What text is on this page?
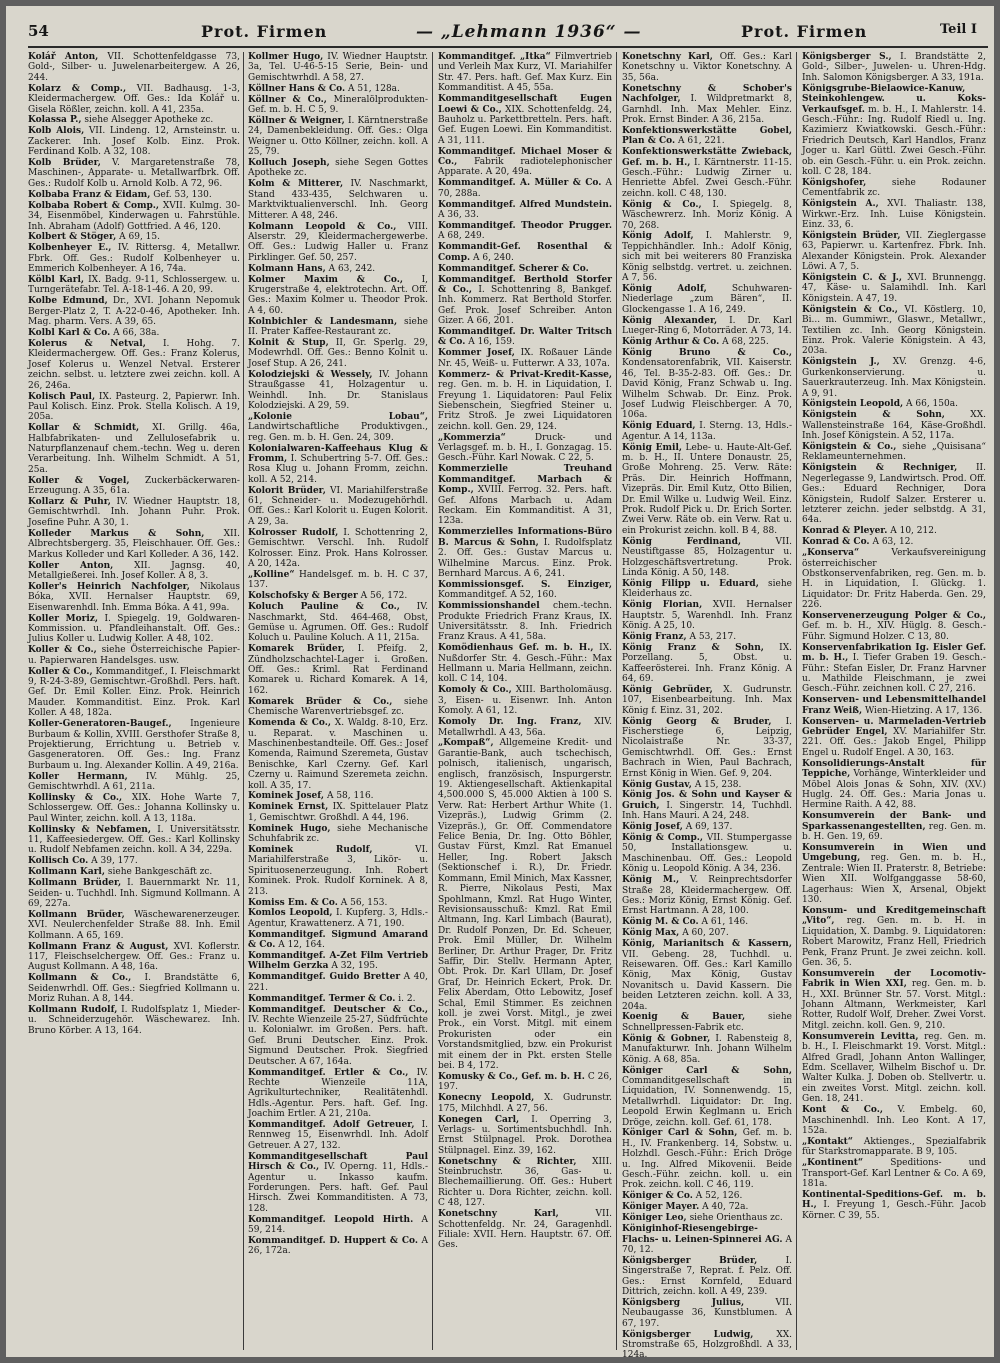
54	Prot. Firmen	— „Lehmann 1936“ —	Prot. Firmen	Teil I
Kolář Anton, VII. Schottenfeldgasse 73, Gold-, Silber- u. Juwelenarbeitergew. A 26, 244.
Kolarz & Comp., VII. Badhausg. 1-3, Kleidermachergew. Off. Ges.: Ida Kolář u. Gisela Rößler, zeichn. koll. A 41, 235a.
Kolassa P., siehe Alsegger Apotheke zc.
Kolb Alois, VII. Lindeng. 12, Arnsteinstr. u. Zackerer. Inh. Josef Kolb. Einz. Prok. Ferdinand Kolb. A 32, 108.
Kolb Brüder, V. Margaretenstraße 78, Maschinen-, Apparate- u. Metallwarfbrk. Off. Ges.: Rudolf Kolb u. Arnold Kolb. A 72, 96.
Kolbaba Franz & Eidam, Gef. 53, 130.
Kolbaba Robert & Comp., XVII. Kulmg. 30-34, Eisenmöbel, Kinderwagen u. Fahrstühle. Inh. Abraham (Adolf) Gottfried. A 46, 120.
Kolbert & Stöger, A 69, 15.
Kolbenheyer E., IV. Rittersg. 4, Metallwr. Fbrk. Off. Ges.: Rudolf Kolbenheyer u. Emmerich Kolbenheyer. A 16, 74a.
Kölbl Karl, IX. Badg. 9-11, Schlossergew. u. Turngerätefabr. Tel. A-18-1-46. A 20, 99.
Kolbe Edmund, Dr., XVI. Johann Nepomuk Berger-Platz 2, T. A-22-0-46, Apotheker. Inh. Mag. pharm. Vers. A 39, 65.
Kolbl Karl & Co. A 66, 38a.
Kolerus & Netval, I. Hohg. 7. Kleidermachergew. Off. Ges.: Franz Kolerus, Josef Kolerus u. Wenzel Netval. Ersterer zeichn. selbst. u. letztere zwei zeichn. koll. A 26, 246a.
Kolisch Paul, IX. Pasteurg. 2, Papierwr. Inh. Paul Kolisch. Einz. Prok. Stella Kolisch. A 19, 205a.
Kollar & Schmidt, XI. Grillg. 46a, Halbfabrikaten- und Zellulosefabrik u. Naturpflanzenauf chem.-techn. Weg u. deren Verarbeitung. Inh. Wilhelm Schmidt. A 51, 25a.
Koller & Vogel, Zuckerbäckerwaren-Erzeugung. A 35, 61a.
Kollarz & Puhr, IV. Wiedner Hauptstr. 18, Gemischtwrhdl. Inh. Johann Puhr. Prok. Josefine Puhr. A 30, 1.
Kolleder Markus & Sohn, XII. Albrechtsbergerg. 35, Fleischhauer. Off. Ges.: Markus Kolleder und Karl Kolleder. A 36, 142.
Koller Anton, XII. Jagnsg. 40, Metallgießerei. Inh. Josef Koller. A 8, 3.
Koller's Heinrich Nachfolger, Nikolaus Bóka, XVII. Hernalser Hauptstr. 69, Eisenwarenhdl. Inh. Emma Bóka. A 41, 99a.
Koller Moriz, I. Spiegelg. 19, Goldwaren-Kommission. u. Pfandleihanstalt. Off. Ges.: Julius Koller u. Ludwig Koller. A 48, 102.
Koller & Co., siehe Österreichische Papier- u. Papierwaren Handelsges. usw.
Koller & Co., Kommanditgef., I. Fleischmarkt 9, R-24-3-89, Gemischtwr.-Großhdl. Pers. haft. Gef. Dr. Emil Koller. Einz. Prok. Heinrich Mauder. Kommanditist. Einz. Prok. Karl Koller. A 48, 182a.
Koller-Generatoren-Baugef., Ingenieure Burbaum & Kollin, XVIII. Gersthofer Straße 8, Projektierung, Errichtung u. Betrieb v. Gasgeneratoren. Off. Ges.: Ing. Franz Burbaum u. Ing. Alexander Kollin. A 49, 216a.
Koller Hermann, IV. Mühlg. 25, Gemischtwrhdl. A 61, 211a.
Kollinsky & Co., XIX. Hohe Warte 7, Schlossergew. Off. Ges.: Johanna Kollinsky u. Paul Winter, zeichn. koll. A 13, 118a.
Kollinsky & Nebfamen, I. Universitätsstr. 11, Kaffeesiedergew. Off. Ges.: Karl Kollinsky u. Rudolf Nebfamen zeichn. koll. A 34, 229a.
Kollisch Co. A 39, 177.
Kollmann Karl, siehe Bankgeschäft zc.
Kollmann Brüder, I. Bauernmarkt Nr. 11, Seiden- u. Tuchhdl. Inh. Sigmund Kollmann. A 69, 227a.
Kollmann Brüder, Wäschewarenerzeuger. XVI. Neulerchenfelder Straße 88. Inh. Emil Kollmann. A 65, 169.
Kollmann Franz & August, XVI. Koflerstr. 117, Fleischselchergew. Off. Ges.: Franz u. August Kollmann. A 48, 16a.
Kollmann & Co., I. Brandstätte 6, Seidenwrhdl. Off. Ges.: Siegfried Kollmann u. Moriz Ruhan. A 8, 144.
Kollmann Rudolf, I. Rudolfsplatz 1, Mieder- u. Schneiderzugehör. Wäschewarez. Inh. Bruno Körber. A 13, 164.
Kollmer Hugo, IV. Wiedner Hauptstr. 3a, Tel. U-46-5-15 Serie, Bein- und Gemischtwrhdl. A 58, 27.
Köllner Hans & Co. A 51, 128a.
Köllner & Co., Mineralölprodukten-Gef. m. b. H. C 5, 9.
Köllner & Weigner, I. Kärntnerstraße 24, Damenbekleidung. Off. Ges.: Olga Weigner u. Otto Köllner, zeichn. koll. A 25, 79.
Kolluch Joseph, siehe Segen Gottes Apotheke zc.
Kolm & Mitterer, IV. Naschmarkt, Stand 433-435, Selchwaren u. Marktviktualienverschl. Inh. Georg Mitterer. A 48, 246.
Kolmann Leopold & Co., VIII. Alserstr. 29, Kleidermachergewerbe. Off. Ges.: Ludwig Haller u. Franz Pirklinger. Gef. 50, 257.
Kolmann Hans, A 63, 242.
Kolmer Maxim & Co., I, Krugerstraße 4, elektrotechn. Art. Off. Ges.: Maxim Kolmer u. Theodor Prok. A 4, 60.
Kolnbichler & Landesmann, siehe II. Prater Kaffee-Restaurant zc.
Kolnit & Stup, II, Gr. Sperlg. 29, Modewrhdl. Off. Ges.: Benno Kolnit u. Josef Stup. A 26, 241.
Kolodziejski & Wessely, IV. Johann Straußgasse 41, Holzagentur u. Weinhdl. Inh. Dr. Stanislaus Kolodziejski. A 29, 59.
„Kolonie Lobau“, Landwirtschaftliche Produktivgen., reg. Gen. m. b. H. Gen. 24, 309.
Kolonialwaren-Kaffeehaus Klug & Fromm, I. Schubertring 5-7. Off. Ges.: Rosa Klug u. Johann Fromm, zeichn. koll. A 52, 214.
Kolorit Brüder, VI. Mariahilferstraße 61, Schneider- u. Modezugehörhdl. Off. Ges.: Karl Kolorit u. Eugen Kolorit. A 29, 3a.
Kolrosser Rudolf, I. Schottenring 2, Gemischtwr. Verschl. Inh. Rudolf Kolrosser. Einz. Prok. Hans Kolrosser. A 20, 142a.
„Kolline“ Handelsgef. m. b. H. C 37, 137.
Kolschofsky & Berger A 56, 172.
Koluch Pauline & Co., IV. Naschmarkt, Std. 464-468, Obst, Gemüse u. Agrumen. Off. Ges.: Rudolf Koluch u. Pauline Koluch. A 11, 215a.
Komarek Brüder, I. Pfeifg. 2, Zündholzschachtel-Lager i. Großen. Off. Ges.: Kriml. Rat Ferdinand Komarek u. Richard Komarek. A 14, 162.
Komarek Brüder & Co., siehe Chemische Warenvertriebsgef. zc.
Komenda & Co., X. Waldg. 8-10, Erz. u. Reparat. v. Maschinen u. Maschinenbestandteile. Off. Ges.: Josef Komenda, Raimund Szeremeta, Gustav Benischke, Karl Czerny. Gef. Karl Czerny u. Raimund Szeremeta zeichn. koll. A 35, 17.
Kominek Josef, A 58, 116.
Kominek Ernst, IX. Spittelauer Platz 1, Gemischtwr. Großhdl. A 44, 196.
Kominek Hugo, siehe Mechanische Schuhfabrik zc.
Kominek Rudolf,	VI. Mariahilferstraße 3, Likör- u. Spirituosenerzeugung. Inh. Robert Kominek. Prok. Rudolf Korninek. A 8, 213.
Komiss Em. & Co. A 56, 153.
Komlos Leopold, I. Kupferg. 3, Hdls.-Agentur, Krawattenerz. A 71, 190.
Kommanditgef. Sigmund Amarand & Co. A 12, 164.
Kommanditgef. A-Zet Film Vertrieb Wilhelm Gerzka A 32, 195.
Kommanditgef. Guido Bretter A 40, 221.
Kommanditgef. Termer & Co. i. 2.
Kommanditgef. Deutscher & Co., IV. Rechte Wienzeile 25-27, Südfrüchte u. Kolonialwr. im Großen. Pers. haft. Gef. Bruni Deutscher. Einz. Prok. Sigmund Deutscher. Prok. Siegfried Deutscher. A 67, 164a.
Kommanditgef. Ertler & Co., IV. Rechte Wienzeile 11A, Agrikulturtechniker, Realitätenhdl. Hdls.-Agentur. Pers. haft. Gef. Ing. Joachim Ertler. A 21, 210a.
Kommanditgef. Adolf Getreuer, I. Rennweg 15, Eisenwrhdl. Inh. Adolf Getreuer. A 27, 132.
Kommanditgesellschaft Paul Hirsch & Co., IV. Operng. 11, Hdls.-Agentur u. Inkasso kaufm. Forderungen. Pers. haft. Gef. Paul Hirsch. Zwei Kommanditisten. A 73, 128.
Kommanditgef. Leopold Hirth. A 59, 214.
Kommanditgef. D. Huppert & Co. A 26, 172a.
Kommanditgef. „Itka“ Filmvertrieb und Verleih Max Kurz, VI. Mariahilfer Str. 47. Pers. haft. Gef. Max Kurz. Ein Kommanditist. A 45, 55a.
Kommanditgesellschaft Eugen Loewi & Co., XIX. Schottenfeldg. 24, Bauholz u. Parkettbretteln. Pers. haft. Gef. Eugen Loewi. Ein Kommanditist. A 31, 111.
Kommanditgef. Michael Moser & Co., Fabrik radiotelephonischer Apparate. A 20, 49a.
Kommanditgef. A. Müller & Co. A 70, 288a.
Kommanditgef. Alfred Mundstein. A 36, 33.
Kommanditgef. Theodor Prugger. A 68, 249.
Kommandit-Gef. Rosenthal & Comp. A 6, 240.
Kommanditgef. Scherer & Co.
Kommanditgef. Berthold Storfer & Co., I. Schottenring 8, Bankgef. Inh. Kommerz. Rat Berthold Storfer. Gef. Prok. Josef Schreiber. Anton Gizer. A 66, 201.
Kommanditgef. Dr. Walter Tritsch & Co. A 16, 159.
Kommer Josef, IX. Roßauer Lände Nr. 45, Weiß- u. Futterwr. A 33, 107a.
Kommerz- & Privat-Kredit-Kasse, reg. Gen. m. b. H. in Liquidation, I. Freyung 1. Liquidatoren: Paul Felix Siebenschein, Siegfried Steiner u. Fritz Stroß. Je zwei Liquidatoren zeichn. koll. Gen. 29, 124.
„Kommerzia“	Druck- und Verlagsgef. m. b. H., I. Gonzagag. 15. Gesch.-Führ. Karl Nowak. C 22, 5.
Kommerzielle Treuhand Kommanditgef. Marbach & Komp., XVIII. Ferrog. 32. Pers. haft. Gef. Alfons Marbach u. Adam Reckam. Ein Kommanditist. A 31, 123a.
Kommerzielles Informations-Büro B. Marcus & Sohn, I. Rudolfsplatz 2. Off. Ges.: Gustav Marcus u. Wilhelmine Marcus. Einz. Prok. Bernhard Marcus. A 6, 241.
Kommissionsgef. S. Einziger, Kommanditgef. A 52, 160.
Kommissionshandel chem.-techn. Produkte Friedrich Franz Kraus, IX. Universitätsstr. 8. Inh. Friedrich Franz Kraus. A 41, 58a.
Komödienhaus Gef. m. b. H., IX. Nußdorfer Str. 4. Gesch.-Führ.: Max Hellmann u. Maria Hellmann, zeichn. koll. C 14, 104.
Komoly & Co., XIII. Bartholomäusg. 3, Eisen- u. Eisenwr. Inh. Anton Komoly. A 61, 12.
Komoly Dr. Ing. Franz, XIV. Metallwrhdl. A 43, 56a.
„Kompaß“, Allgemeine Kredit- und Garantie-Bank, auch tschechisch, polnisch, italienisch, ungarisch, englisch, französisch, Inspurgerstr. 19. Aktiengesellschaft. Aktienkapital 4,500.000 S, 45.000 Aktien à 100 S. Verw. Rat: Herbert Arthur White (1. Vizepräs.), Ludwig Grimm (2. Vizepräs.), Gr. Off. Commendatore Felice Benia, Dr. Ing. Otto Böhler, Gustav Fürst, Kmzl. Rat Emanuel Heller, Ing. Robert Jaksch (Sektionschef i. R.), Dr. Friedr. Kommann, Emil Minich, Max Kassner, R. Pierre, Nikolaus Pesti, Max Spohlmann, Kmzl. Rat Hugo Winter, Revisionsausschuß: Kmzl. Rat Emil Altmann, Ing. Karl Limbach (Baurat), Dr. Rudolf Ponzen, Dr. Ed. Scheuer, Prok. Emil Müller, Dr. Wilhelm Berliner, Dr. Arthur Prager, Dr. Fritz Saffir, Dir. Stellv. Hermann Apter, Obt. Prok. Dr. Karl Ullam, Dr. Josef Graf, Dr. Heinrich Eckert, Prok. Dr. Felix Aberdam, Otto Lebowitz, Josef Schal, Emil Stimmer. Es zeichnen koll. je zwei Vorst. Mitgl., je zwei Prok., ein Vorst. Mitgl. mit einem Prokuristen oder ein Vorstandsmitglied, bzw. ein Prokurist mit einem der in Pkt. ersten Stelle bei. B 4, 172.
Komusky & Co., Gef. m. b. H. C 26, 197.
Konecny Leopold, X. Gudrunstr. 175, Milchhdl. A 27, 56.
Konegen Carl, I. Operring 3, Verlags- u. Sortimentsbuchhdl. Inh. Ernst Stülpnagel. Prok. Dorothea Stülpnagel. Einz. 39, 162.
Konetschny & Richter, XIII. Steinbruchstr. 36, Gas- u. Blechemaillierung. Off. Ges.: Hubert Richter u. Dora Richter, zeichn. koll. C 48, 127.
Konetschny Karl,	VII. Schottenfeldg. Nr. 24, Garagenhdl. Filiale: XVII. Hern. Hauptstr. 67. Off. Ges.
Konetschny Karl, Off. Ges.: Karl Konetschny u. Viktor Konetschny. A 35, 56a.
Konetschny & Schober's Nachfolger, I. Wildpretmarkt 8, Garnhdl. Inh. Max Mehler. Einz. Prok. Ernst Binder. A 36, 215a.
Konfektionswerkstätte Gobel, Plan & Co. A 61, 221.
Konfektionswerkstätte Zwieback, Gef. m. b. H., I. Kärntnerstr. 11-15. Gesch.-Führ.: Ludwig Zirner u. Henriette Abfel. Zwei Gesch.-Führ. zeichn. koll. C 48, 130.
König & Co., I. Spiegelg. 8, Wäschewrerz. Inh. Moriz König. A 70, 268.
König Adolf, I. Mahlerstr. 9, Teppichhändler. Inh.: Adolf König, sich mit bei weiterers 80 Franziska König selbstdg. vertret. u. zeichnen. A 7, 56.
König Adolf,	Schuhwaren-Niederlage „zum Bären“, II. Glockengasse 1. A 16, 249.
König Alexander, I. Dr. Karl Lueger-Ring 6, Motorräder. A 73, 14.
König Arthur & Co. A 68, 225.
König Bruno & Co., Kondensatorenfabrik, VII. Kaiserstr. 46, Tel. B-35-2-83. Off. Ges.: Dr. David König, Franz Schwab u. Ing. Wilhelm Schwab. Dr. Einz. Prok. Josef Ludwig Fleischberger. A 70, 106a.
König Eduard, I. Sterng. 13, Hdls.-Agentur. A 14, 113a.
König Emil, Lebe- u. Haute-Alt-Gef. m. b. H., II. Untere Donaustr. 25, Große Mohreng. 25. Verw. Räte: Präs. Dir. Heinrich Hoffmann, Vizepräs. Dir. Emil Kutz, Otto Bilien, Dr. Emil Wilke u. Ludwig Weil. Einz. Prok. Rudolf Pick u. Dr. Erich Sorter. Zwei Verw. Räte ob. ein Verw. Rat u. ein Prokurist zeichn. koll. B 4, 88.
König Ferdinand,	VII. Neustiftgasse 85, Holzagentur u. Holzgeschäftsvertretung. Prok. Linda König. A 50, 148.
König Filipp u. Eduard, siehe Kleiderhaus zc.
König Florian, XVII. Hernalser Hauptstr. 5, Warenhdl. Inh. Franz König. A 25, 10.
König Franz, A 53, 217.
König Franz & Sohn, IX. Porzellang. 5, Obst. u. Kaffeerösterei. Inh. Franz König. A 64, 69.
König Gebrüder, X. Gudrunstr. 107, Eisenbearbeitung. Inh. Max König f. Einz. 31, 202.
König Georg & Bruder, I. Fischerstiege 6, Leipzig, Nicolaistraße Nr. 33-37, Gemischtwrhdl. Off. Ges.: Ernst Bachrach in Wien, Paul Bachrach, Ernst König in Wien. Gef. 9, 204.
König Gustav, A 15, 238.
König Jos. & Sohn und Kayser & Gruich, I. Singerstr. 14, Tuchhdl. Inh. Hans Mauri. A 24, 248.
König Josef, A 69, 137.
König & Comp., VII. Stumpergasse 50, Installationsgew. u. Maschinenbau. Off. Ges.: Leopold König u. Leopold König. A 34, 236.
König M., V. Reinprechtsdorfer Straße 28, Kleidermachergew. Off. Ges.: Moriz König, Ernst König. Gef. Ernst Hartmann. A 28, 100.
König M. & Co. A 61, 146.
König Max, A 60, 207.
König, Marianitsch & Kassern, VII. Gebeng. 28, Tuchhdl. u. Reisewaren. Off. Ges.: Karl Kamillo König, Max König, Gustav Novanitsch u. David Kassern. Die beiden Letzteren zeichn. koll. A 33, 204a.
Koenig & Bauer,	siehe Schnellpressen-Fabrik etc.
König & Gobner, I. Rabensteig 8, Manufakturwr. Inh. Johann Wilhelm König. A 68, 85a.
Königer Carl & Sohn, Commanditgesellschaft in Liquidation, IV. Sonnenwendg. 15, Metallwrhdl. Liquidator: Dr. Ing. Leopold Erwin Keglmann u. Erich Dröge, zeichn. koll. Gef. 61, 178.
Königer Carl & Sohn, Gef. m. b. H., IV. Frankenberg. 14, Sobstw. u. Holzhdl. Gesch.-Führ.: Erich Dröge u. Ing. Alfred Mikovenii. Beide Gesch.-Führ. zeichn. koll. u. ein Prok. zeichn. koll. C 46, 119.
Königer & Co. A 52, 126.
Königer Mayer. A 40, 72a.
Königer Leo, siehe Orienthaus zc.
Königinhof-Riesengebirge-Flachs- u. Leinen-Spinnerei AG. A 70, 12.
Königsberger Brüder,	I. Singerstraße 7, Reprat. f. Pelz. Off. Ges.: Ernst Kornfeld, Eduard Dittrich, zeichn. koll. A 49, 239.
Königsberg Julius,	VII. Neubaugasse 36, Kunstblumen. A 67, 197.
Königsberger Ludwig,	XX. Stromstraße 65, Holzgroßhdl. A 33, 124a.
Königsberger S., I. Brandstätte 2, Gold-, Silber-, Juwelen- u. Uhren-Hdg. Inh. Salomon Königsberger. A 33, 191a.
Königsgrube-Bielaowice-Kanuw, Steinkohlengew. u. Koks-Verkaufsgef. m. b. H., I. Mahlerstr. 14. Gesch.-Führ.: Ing. Rudolf Riedl u. Ing. Kazimierz Kwiatkowski. Gesch.-Führ.: Friedrich Deutsch, Karl Handlos, Franz Joger u. Karl Güttl. Zwei Gesch.-Führ. ob. ein Gesch.-Führ. u. ein Prok. zeichn. koll. C 28, 184.
Königshofer,	siehe Rodauner Cementfabrik zc.
Königstein A., XVI. Thaliastr. 138, Wirkwr.-Erz. Inh. Luise Königstein. Einz. 33, 6.
Königstein Brüder, VII. Zieglergasse 63, Papierwr. u. Kartenfrez. Fbrk. Inh. Alexander Königstein. Prok. Alexander Löwi. A 7, 5.
Königstein C. & J., XVI. Brunnengg. 47, Käse- u. Salamihdl. Inh. Karl Königstein. A 47, 19.
Königstein & Co., VI. Köstlerg. 10, Bi... m. Gummiwr., Glaswr., Metallwr., Textilien zc. Inh. Georg Königstein. Einz. Prok. Valerie Königstein. A 43, 203a.
Königstein J., XV. Grenzg. 4-6, Gurkenkonservierung. u. Sauerkrauterzeug. Inh. Max Königstein. A 9, 91.
Königstein Leopold, A 66, 150a.
Königstein & Sohn,	XX. Wallensteinstraße 164, Käse-Großhdl. Inh. Josef Königstein. A 52, 117a.
Königstein & Co., siehe „Quisisana“ Reklameunternehmen.
Königstein & Rechniger, II. Negerlegasse 9, Landwirtsch. Prod. Off. Ges.: Eduard Rechniger, Dora Königstein, Rudolf Salzer. Ersterer u. letzterer zeichn. jeder selbstdg. A 31, 64a.
Konrad & Pleyer. A 10, 212.
Konrad & Co. A 63, 12.
„Konserva“	Verkaufsvereinigung österreichischer Obstkonservenfabriken, reg. Gen. m. b. H. in Liquidation, I. Glückg. 1. Liquidator: Dr. Fritz Haberda. Gen. 29, 226.
Konservenerzeugung Polger & Co., Gef. m. b. H., XIV. Hüglg. 8. Gesch.-Führ. Sigmund Holzer. C 13, 80.
Konservenfabrikation Ig. Eisler Gef. m. b. H., I. Tiefer Graben 19. Gesch.-Führ.: Stefan Eisler, Dr. Franz Harvner u. Mathilde Fleischmann, je zwei Gesch.-Führ. zeichnen koll. C 27, 216.
Konserven- und Lebensmittelhandel Franz Weiß, Wien-Hietzing. A 17, 136.
Konserven- u. Marmeladen-Vertrieb Gebrüder Engel, XV. Mariahilfer Str. 221. Off. Ges.: Jakob Engel, Philipp Engel u. Rudolf Engel. A 30, 163.
Konsolidierungs-Anstalt für Teppiche, Vorhänge, Winterkleider und Möbel Alois Jonas & Sohn, XIV. (XV.) Huglg. 24. Off. Ges.: Maria Jonas u. Hermine Raith. A 42, 88.
Konsumverein der Bank- und Sparkassenangestellten, reg. Gen. m. b. H. Gen. 19, 69.
Konsumverein in Wien und Umgebung, reg. Gen. m. b. H., Zentrale: Wien II. Praterstr. 8, Betriebe: Wien XII. Wolfganggasse 58-60, Lagerhaus: Wien X, Arsenal, Objekt 130.
Konsum- und Kreditgemeinschaft „Vito“, reg. Gen. m. b. H. in Liquidation, X. Dambg. 9. Liquidatoren: Robert Marowitz, Franz Hell, Friedrich Penk, Franz Prunt. Je zwei zeichn. koll. Gen. 36, 5.
Konsumverein der Locomotiv-Fabrik in Wien XXI, reg. Gen. m. b. H., XXI. Brünner Str. 57. Vorst. Mitgl.: Johann Altmann, Werkmeister, Karl Rotter, Rudolf Wolf, Dreher. Zwei Vorst. Mitgl. zeichn. koll. Gen. 9, 210.
Konsumverein Levitta, reg. Gen. m. b. H., I. Fleischmarkt 19. Vorst. Mitgl.: Alfred Gradl, Johann Anton Wallinger, Edm. Scellaver, Wilhelm Bischof u. Dr. Walter Kulka. J. Doben ob. Stellvertr. u. ein zweites Vorst. Mitgl. zeichn. koll. Gen. 18, 241.
Kont & Co., V. Embelg. 60, Maschinenhdl. Inh. Leo Kont. A 17, 152a.
„Kontakt“ Aktienges., Spezialfabrik für Starkstromapparate. B 9, 105.
„Kontinent“	Speditions- und Transport-Gef. Karl Lentner & Co. A 69, 181a.
Kontinental-Speditions-Gef. m. b. H., I. Freyung 1, Gesch.-Führ. Jacob Körner. C 39, 55.
